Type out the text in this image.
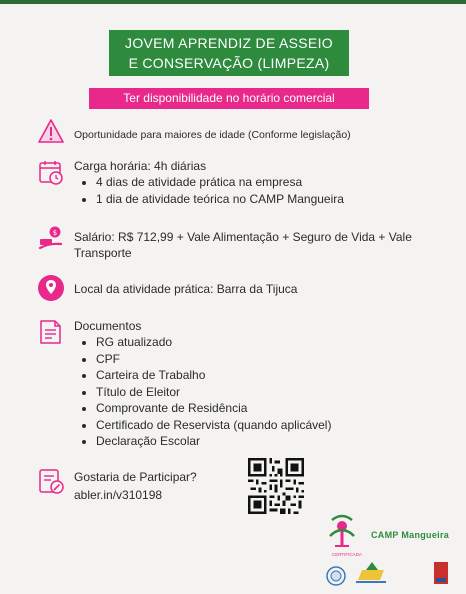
JOVEM APRENDIZ DE ASSEIO
E CONSERVAÇÃO (LIMPEZA)
Ter disponibilidade no horário comercial
Oportunidade para maiores de idade (Conforme legislação)
Carga horária: 4h diárias
• 4 dias de atividade prática na empresa
• 1 dia de atividade teórica no CAMP Mangueira
$ Salário: R$ 712,99 + Vale Alimentação + Seguro de Vida + Vale
Transporte
Local da atividade prática: Barra da Tijuca
Documentos
• RG atualizado
• CPF
• Carteira de Trabalho
• Título de Eleitor
• Comprovante de Residência
• Certificado de Reservista (quando aplicável)
• Declaração Escolar
Gostaria de Participar?
abler.in/v310198
CAMP Mangueira
CERTIFICADA
